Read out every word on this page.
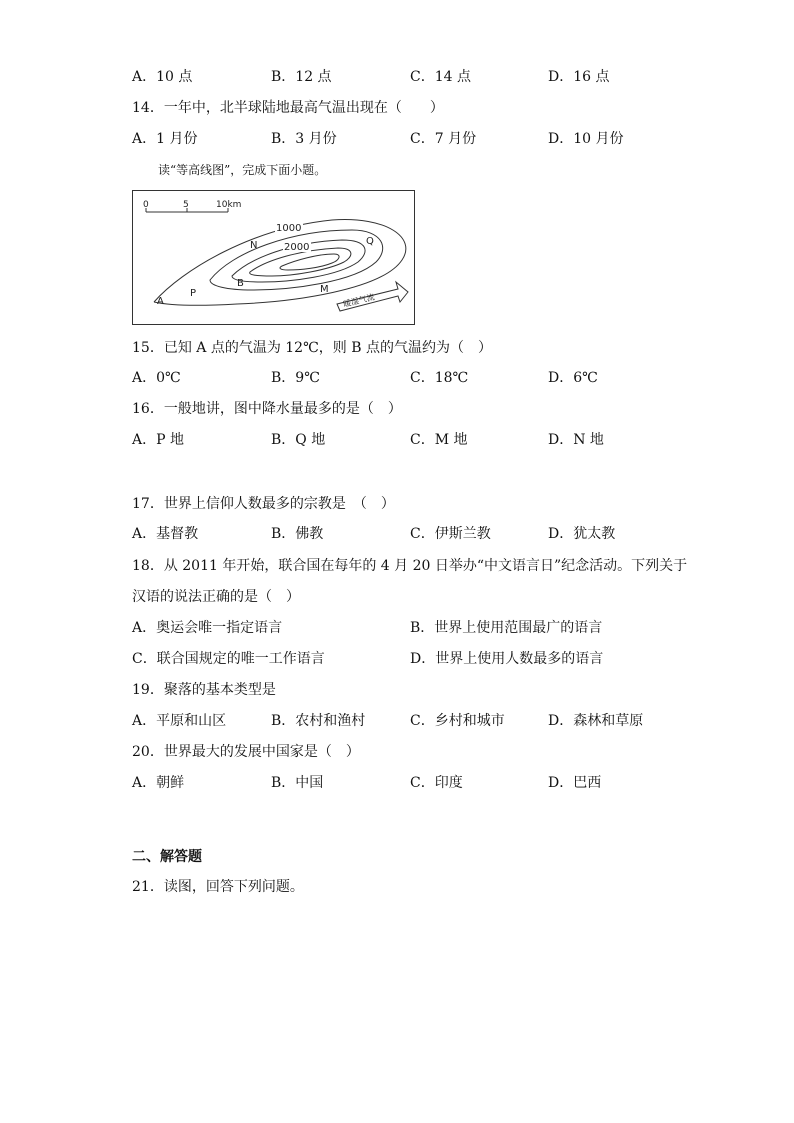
A．10 点	B．12 点	C．14 点	D．16 点
14．一年中，北半球陆地最高气温出现在（　　）
A．1 月份	B．3 月份	C．7 月份	D．10 月份
读“等高线图”，完成下面小题。
0	5	10km
1000
2000
N	Q
B
M
A
P	暖湿气流
15．已知 A 点的气温为 12℃，则 B 点的气温约为（　）
A．0℃	B．9℃	C．18℃	D．6℃
16．一般地讲，图中降水量最多的是（　）
A．P 地	B．Q 地	C．M 地	D．N 地
17．世界上信仰人数最多的宗教是　（　）
A．基督教	B．佛教	C．伊斯兰教	D．犹太教
18．从 2011 年开始，联合国在每年的 4 月 20 日举办“中文语言日”纪念活动。下列关于
汉语的说法正确的是（　）
A．奥运会唯一指定语言	B．世界上使用范围最广的语言
C．联合国规定的唯一工作语言	D．世界上使用人数最多的语言
19．聚落的基本类型是
A．平原和山区	B．农村和渔村	C．乡村和城市	D．森林和草原
20．世界最大的发展中国家是（　）
A．朝鲜	B．中国	C．印度	D．巴西
二、解答题
21．读图，回答下列问题。
